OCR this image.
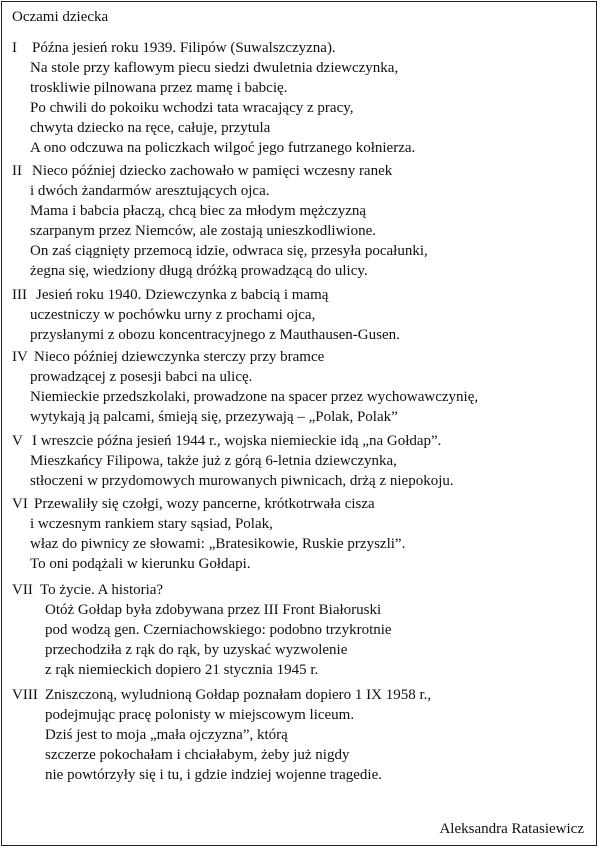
Oczami dziecka
I Późna jesień roku 1939. Filipów (Suwalszczyzna).
Na stole przy kaflowym piecu siedzi dwuletnia dziewczynka,
troskliwie pilnowana przez mamę i babcię.
Po chwili do pokoiku wchodzi tata wracający z pracy,
chwyta dziecko na ręce, całuje, przytula
A ono odczuwa na policzkach wilgoć jego futrzanego kołnierza.
II Nieco później dziecko zachowało w pamięci wczesny ranek
i dwóch żandarmów aresztujących ojca.
Mama i babcia płaczą, chcą biec za młodym mężczyzną
szarpanym przez Niemców, ale zostają unieszkodliwione.
On zaś ciągnięty przemocą idzie, odwraca się, przesyła pocałunki,
żegna się, wiedziony długą dróżką prowadzącą do ulicy.
III Jesień roku 1940. Dziewczynka z babcią i mamą
uczestniczy w pochówku urny z prochami ojca,
przysłanymi z obozu koncentracyjnego z Mauthausen-Gusen.
IV Nieco później dziewczynka sterczy przy bramce
prowadzącej z posesji babci na ulicę.
Niemieckie przedszkolaki, prowadzone na spacer przez wychowawczynię,
wytykają ją palcami, śmieją się, przezywają – „Polak, Polak”
V I wreszcie późna jesień 1944 r., wojska niemieckie idą „na Gołdap”.
Mieszkańcy Filipowa, także już z górą 6-letnia dziewczynka,
stłoczeni w przydomowych murowanych piwnicach, drżą z niepokoju.
VI Przewaliły się czołgi, wozy pancerne, krótkotrwała cisza
i wczesnym rankiem stary sąsiad, Polak,
właz do piwnicy ze słowami: „Bratesikowie, Ruskie przyszli”.
To oni podążali w kierunku Gołdapi.
VII To życie. A historia?
Otóż Gołdap była zdobywana przez III Front Białoruski
pod wodzą gen. Czerniachowskiego: podobno trzykrotnie
przechodziła z rąk do rąk, by uzyskać wyzwolenie
z rąk niemieckich dopiero 21 stycznia 1945 r.
VIII Zniszczoną, wyludnioną Gołdap poznałam dopiero 1 IX 1958 r.,
podejmując pracę polonisty w miejscowym liceum.
Dziś jest to moja „mała ojczyzna”, którą
szczerze pokochałam i chciałabym, żeby już nigdy
nie powtórzyły się i tu, i gdzie indziej wojenne tragedie.
Aleksandra Ratasiewicz
